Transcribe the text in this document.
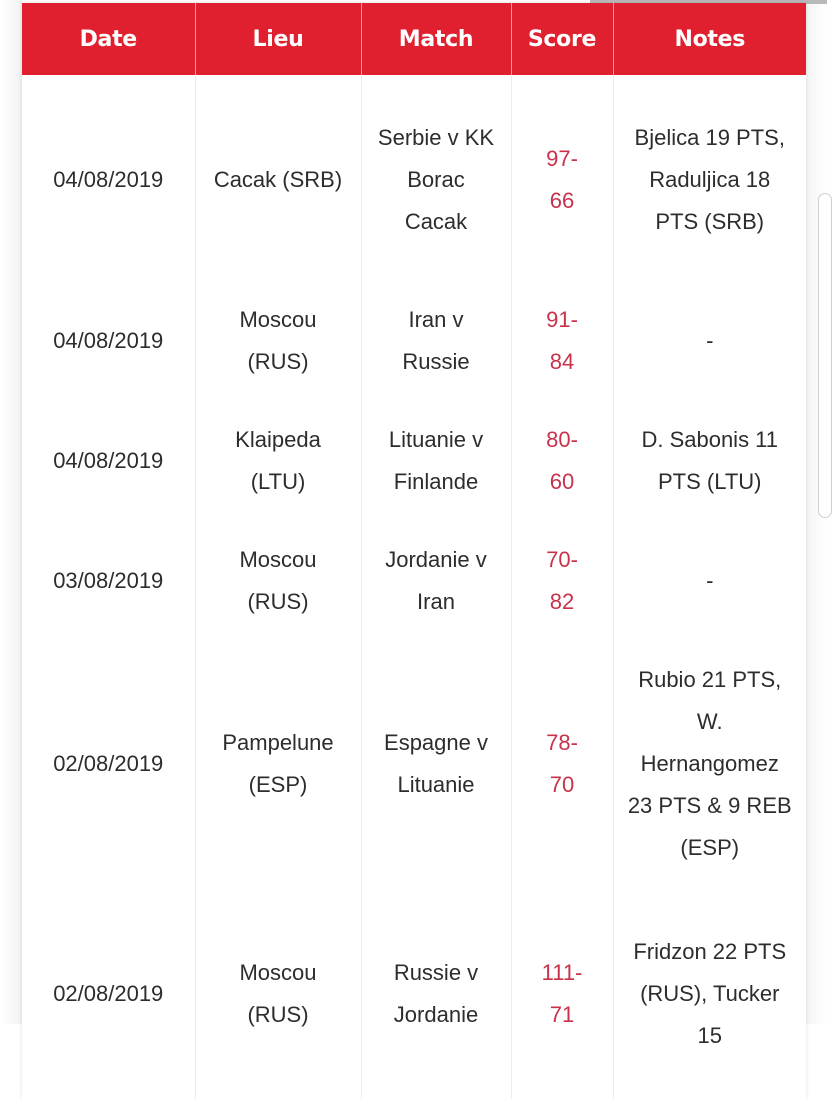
Date	Lieu	Match	Score	Notes
04/08/2019	Cacak (SRB)	Serbie v KK Borac Cacak	97-66	Bjelica 19 PTS, Raduljica 18 PTS (SRB)
04/08/2019	Moscou (RUS)	Iran v Russie	91-84	-
04/08/2019	Klaipeda (LTU)	Lituanie v Finlande	80-60	D. Sabonis 11 PTS (LTU)
03/08/2019	Moscou (RUS)	Jordanie v Iran	70-82	-
02/08/2019	Pampelune (ESP)	Espagne v Lituanie	78-70	Rubio 21 PTS, W. Hernangomez 23 PTS & 9 REB (ESP)
02/08/2019	Moscou (RUS)	Russie v Jordanie	111-71	Fridzon 22 PTS (RUS), Tucker 15
